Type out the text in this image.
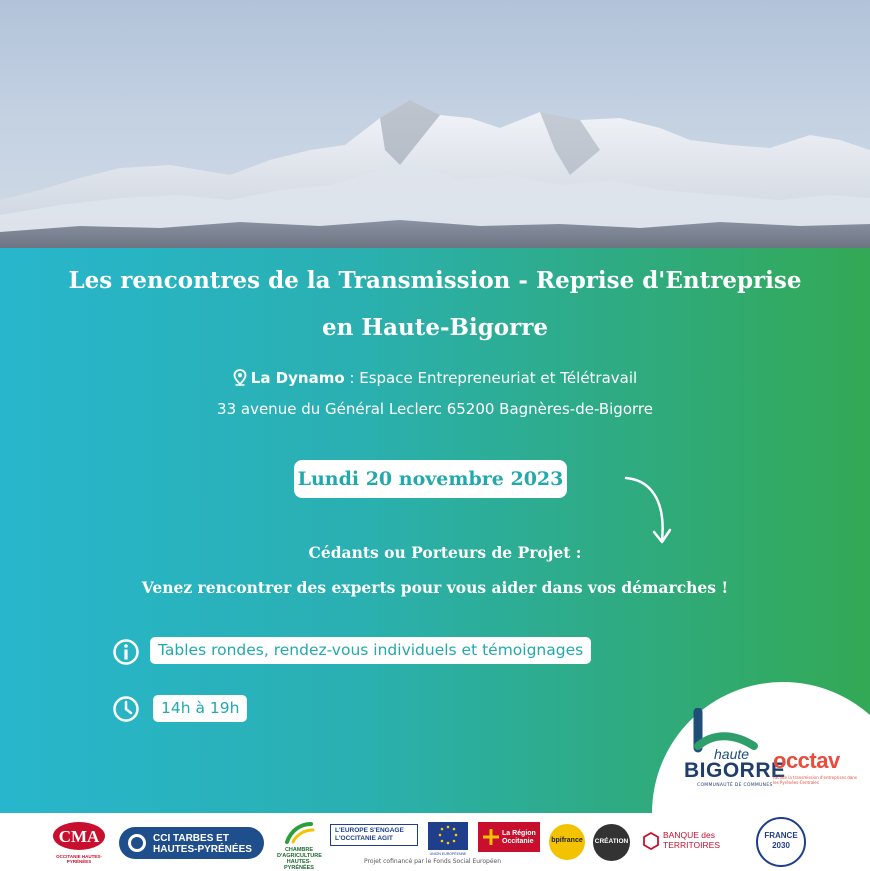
Les rencontres de la Transmission - Reprise d'Entreprise
en Haute-Bigorre
La Dynamo : Espace Entrepreneuriat et Télétravail
33 avenue du Général Leclerc 65200 Bagnères-de-Bigorre
Lundi 20 novembre 2023
Cédants ou Porteurs de Projet :
Venez rencontrer des experts pour vous aider dans vos démarches !
Tables rondes, rendez-vous individuels et témoignages
14h à 19h
haute
BIGORRE
COMMUNAUTÉ DE COMMUNES
occtav
Facilite la transmission d'entreprises dans les Pyrénées-Centrales
CMA
OCCITANIE HAUTES-PYRÉNÉES
CCI TARBES ET HAUTES-PYRÉNÉES	CHAMBRE D'AGRICULTURE HAUTES-PYRÉNÉES
L'EUROPE S'ENGAGE L'OCCITANIE AGIT
UNION EUROPÉENNE
La Région Occitanie
Projet cofinancé par le Fonds Social Européen
bpifrance	CRÉATION
BANQUE des TERRITOIRES
FRANCE 2030
